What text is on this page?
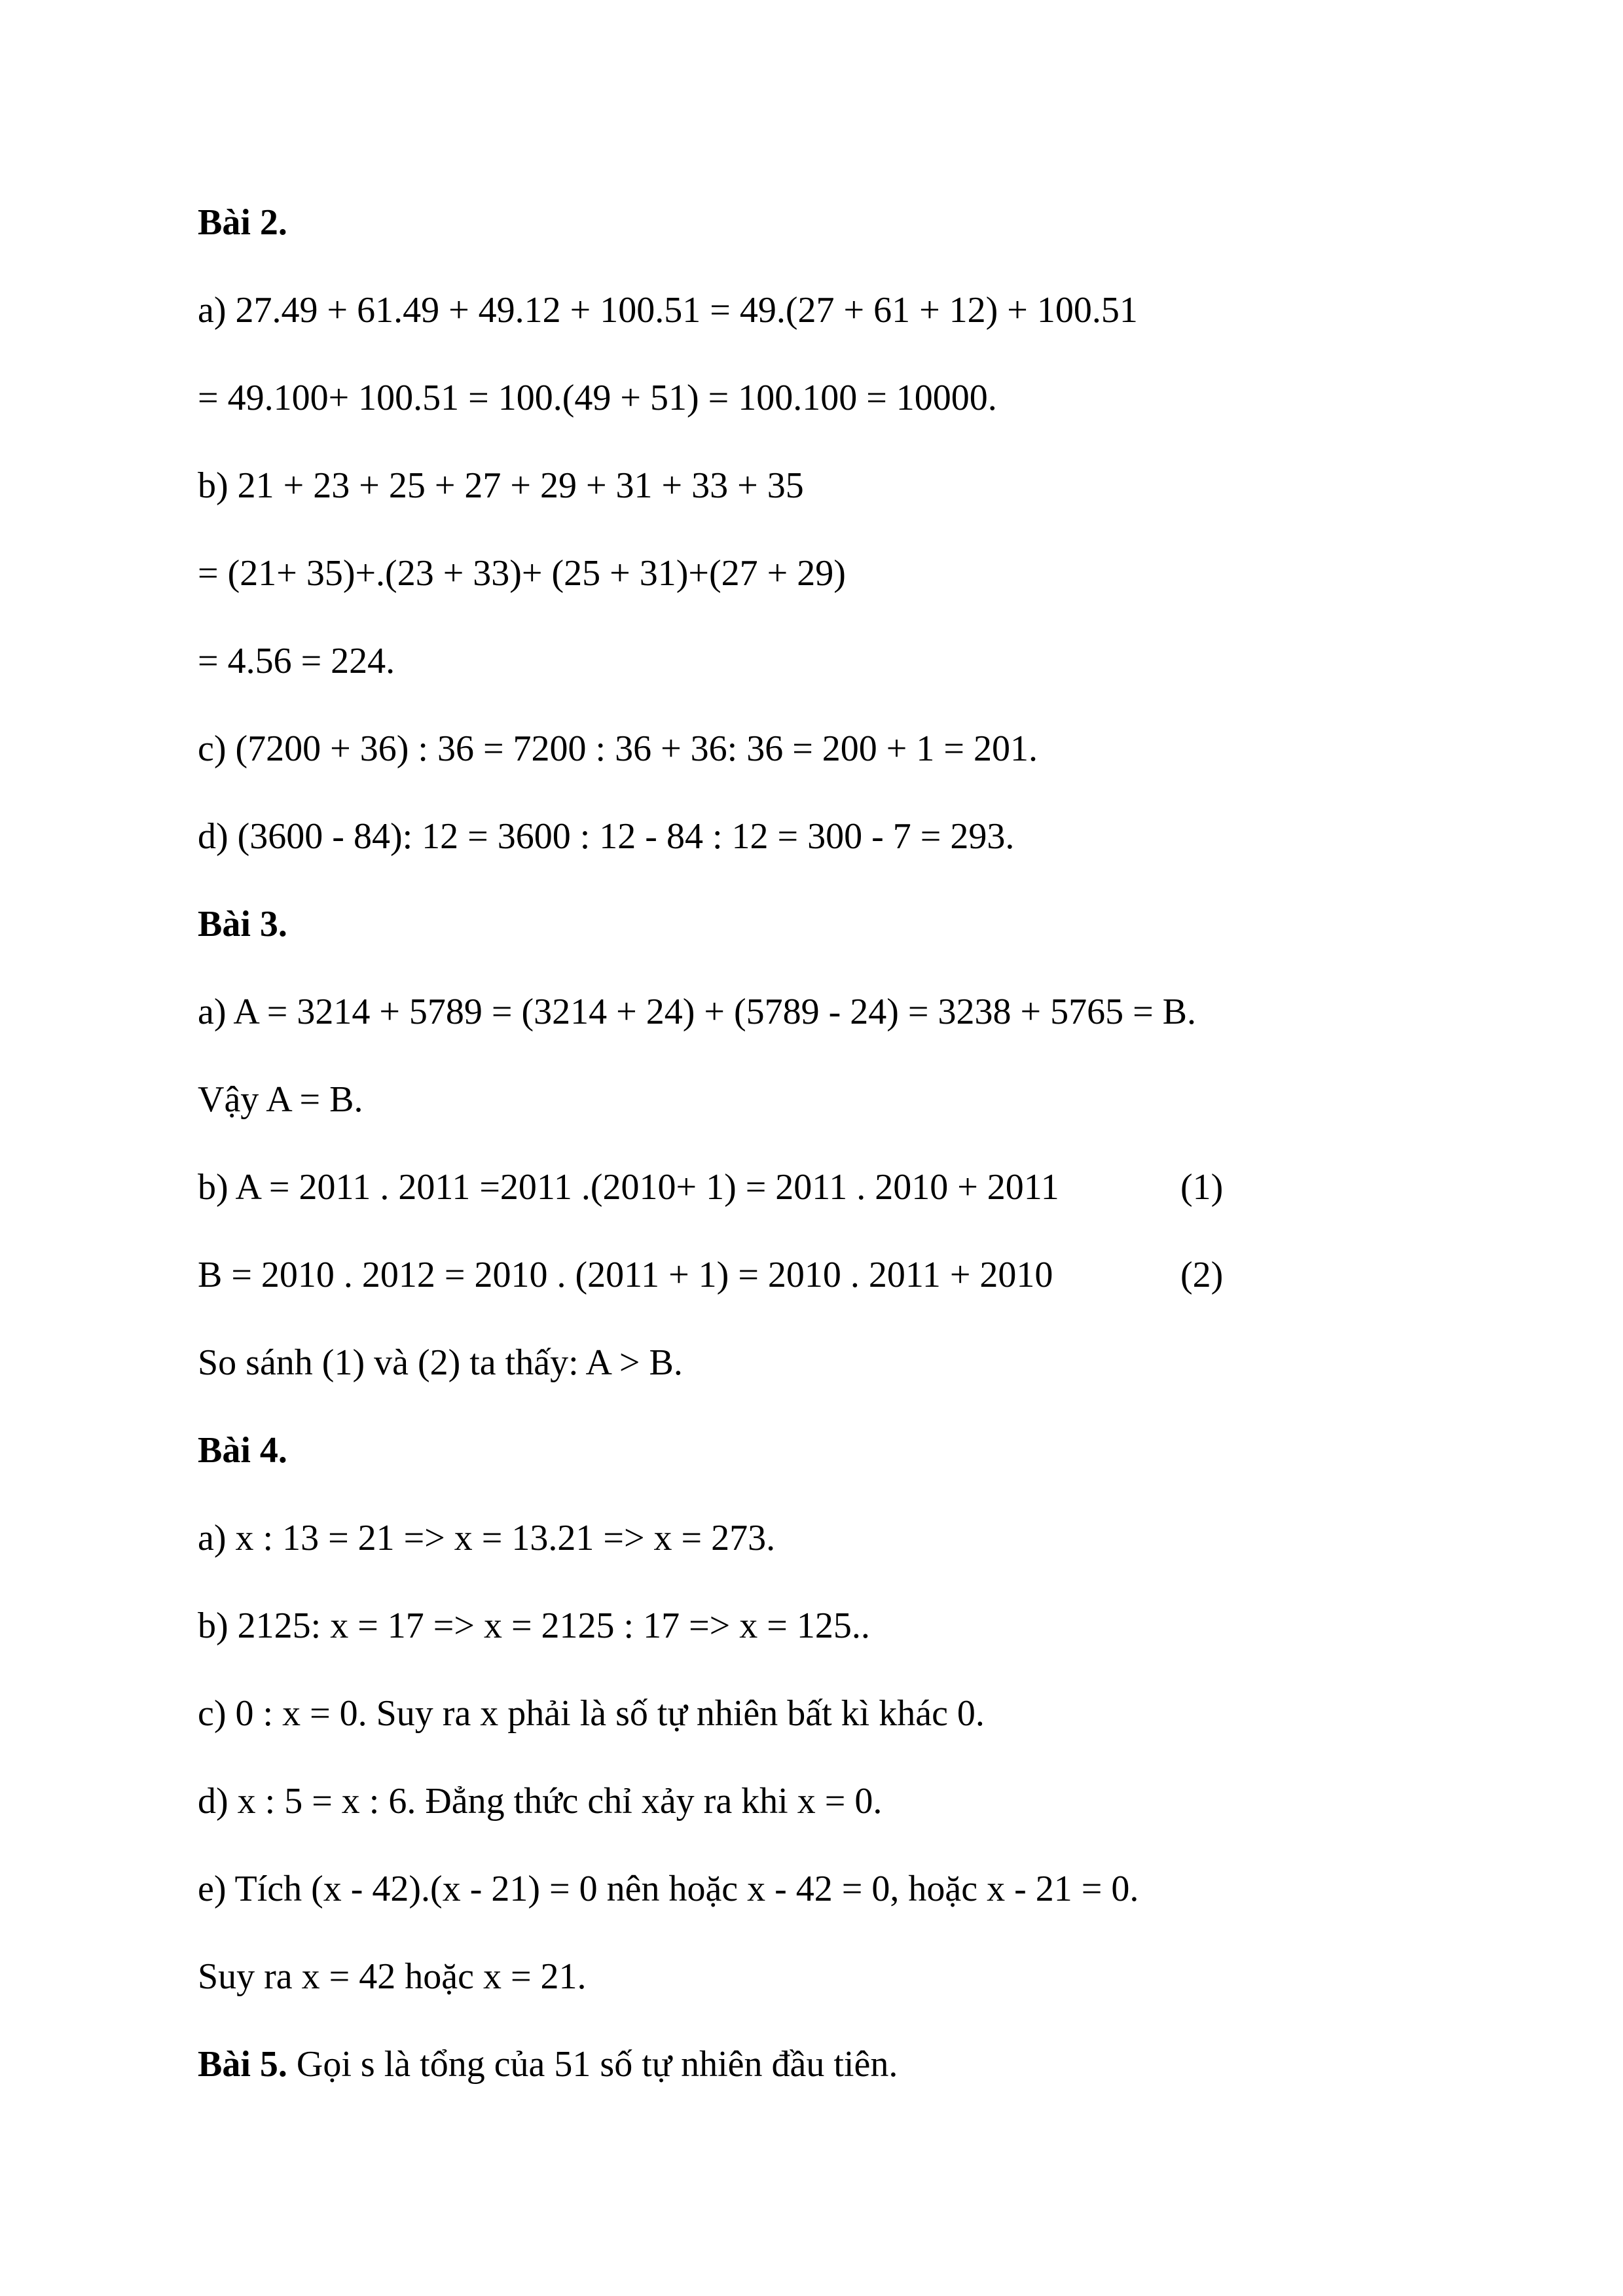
Bài 2.

a) 27.49 + 61.49 + 49.12 + 100.51 = 49.(27 + 61 + 12) + 100.51

= 49.100+ 100.51 = 100.(49 + 51) = 100.100 = 10000.

b) 21 + 23 + 25 + 27 + 29 + 31 + 33 + 35

= (21+ 35)+.(23 + 33)+ (25 + 31)+(27 + 29)

= 4.56 = 224.

c) (7200 + 36) : 36 = 7200 : 36 + 36: 36 = 200 + 1 = 201.

d) (3600 - 84): 12 = 3600 : 12 - 84 : 12 = 300 - 7 = 293.

Bài 3.

a) A = 3214 + 5789 = (3214 + 24) + (5789 - 24) = 3238 + 5765 = B.

Vậy A = B.

b) A = 2011 . 2011 =2011 .(2010+ 1) = 2011 . 2010 + 2011	(1)

B = 2010 . 2012 = 2010 . (2011 + 1) = 2010 . 2011 + 2010	(2)

So sánh (1) và (2) ta thấy: A > B.

Bài 4.

a) x : 13 = 21 => x = 13.21 => x = 273.

b) 2125: x = 17 => x = 2125 : 17 => x = 125..

c) 0 : x = 0. Suy ra x phải là số tự nhiên bất kì khác 0.

d) x : 5 = x : 6. Đẳng thức chỉ xảy ra khi x = 0.

e) Tích (x - 42).(x - 21) = 0 nên hoặc x - 42 = 0, hoặc x - 21 = 0.

Suy ra x = 42 hoặc x = 21.

Bài 5. Gọi s là tổng của 51 số tự nhiên đầu tiên.
